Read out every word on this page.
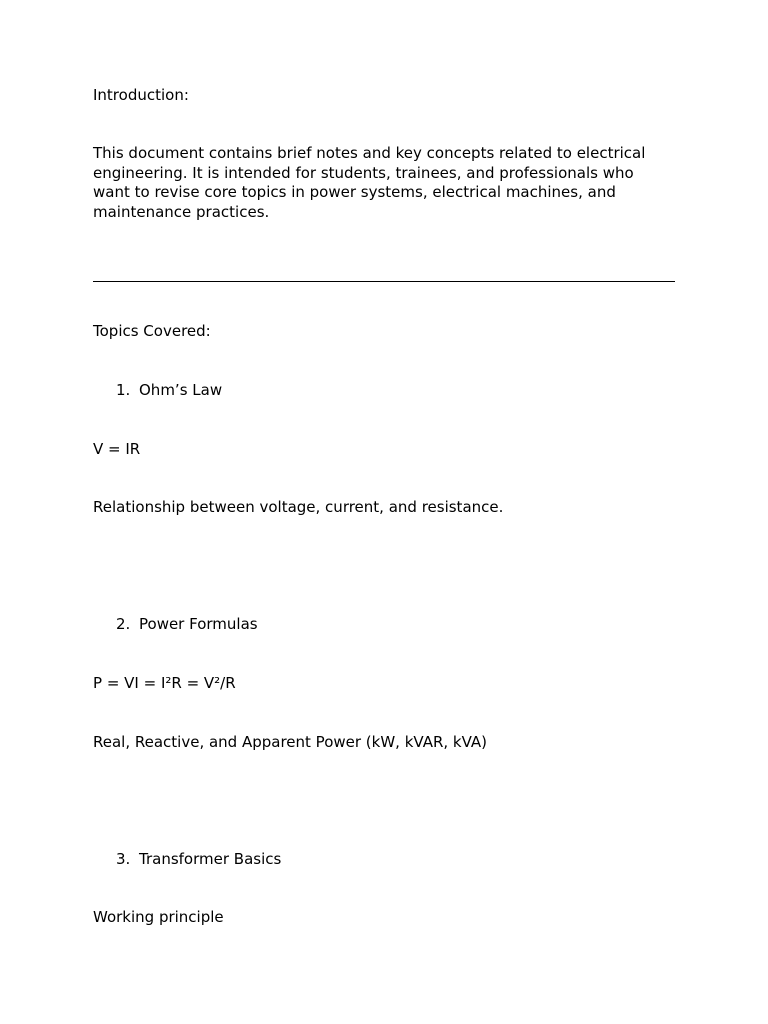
Introduction:
This document contains brief notes and key concepts related to electrical engineering. It is intended for students, trainees, and professionals who want to revise core topics in power systems, electrical machines, and maintenance practices.
Topics Covered:
1. Ohm’s Law
V = IR
Relationship between voltage, current, and resistance.
2. Power Formulas
P = VI = I²R = V²/R
Real, Reactive, and Apparent Power (kW, kVAR, kVA)
3. Transformer Basics
Working principle
